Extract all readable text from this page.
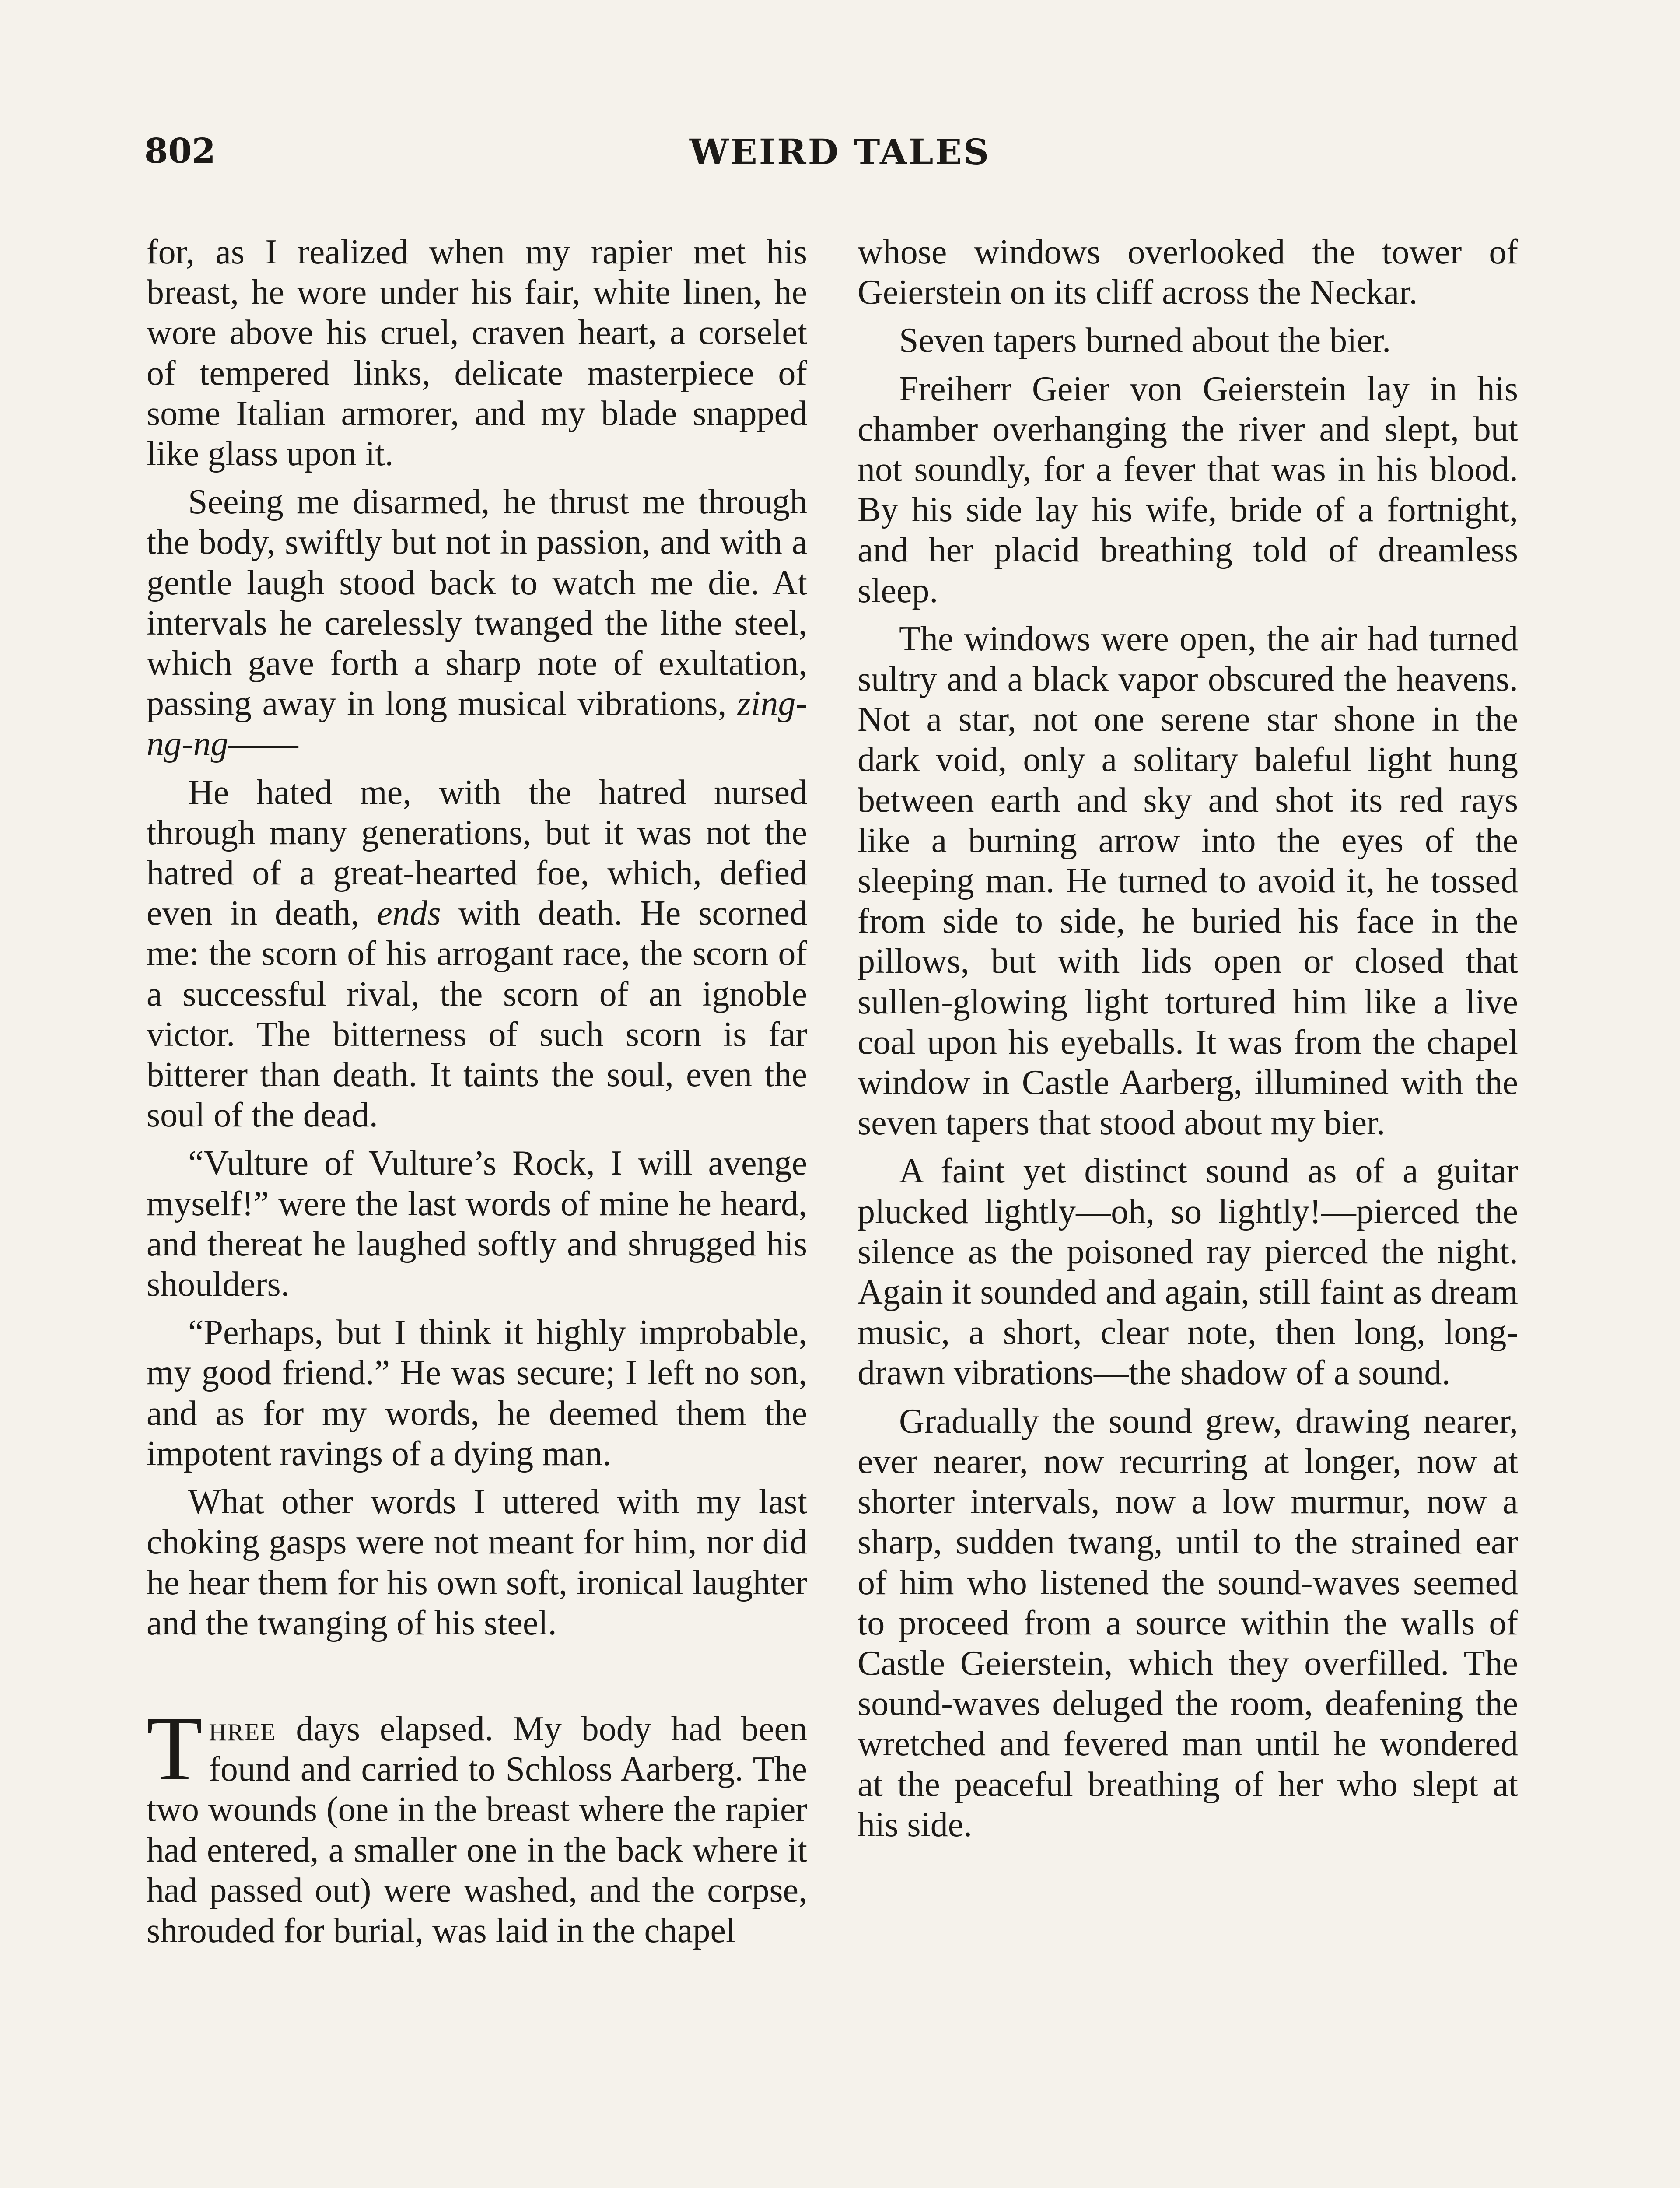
802	WEIRD TALES

for, as I realized when my rapier met his breast, he wore under his fair, white linen, he wore above his cruel, craven heart, a corselet of tempered links, delicate masterpiece of some Italian armorer, and my blade snapped like glass upon it.

Seeing me disarmed, he thrust me through the body, swiftly but not in passion, and with a gentle laugh stood back to watch me die. At intervals he carelessly twanged the lithe steel, which gave forth a sharp note of exultation, passing away in long musical vibrations, zing-ng-ng——

He hated me, with the hatred nursed through many generations, but it was not the hatred of a great-hearted foe, which, defied even in death, ends with death. He scorned me: the scorn of his arrogant race, the scorn of a successful rival, the scorn of an ignoble victor. The bitterness of such scorn is far bitterer than death. It taints the soul, even the soul of the dead.

“Vulture of Vulture’s Rock, I will avenge myself!” were the last words of mine he heard, and thereat he laughed softly and shrugged his shoulders.

“Perhaps, but I think it highly improbable, my good friend.” He was secure; I left no son, and as for my words, he deemed them the impotent ravings of a dying man.

What other words I uttered with my last choking gasps were not meant for him, nor did he hear them for his own soft, ironical laughter and the twanging of his steel.

Three days elapsed. My body had been found and carried to Schloss Aarberg. The two wounds (one in the breast where the rapier had entered, a smaller one in the back where it had passed out) were washed, and the corpse, shrouded for burial, was laid in the chapel

whose windows overlooked the tower of Geierstein on its cliff across the Neckar.

Seven tapers burned about the bier.

Freiherr Geier von Geierstein lay in his chamber overhanging the river and slept, but not soundly, for a fever that was in his blood. By his side lay his wife, bride of a fortnight, and her placid breathing told of dreamless sleep.

The windows were open, the air had turned sultry and a black vapor obscured the heavens. Not a star, not one serene star shone in the dark void, only a solitary baleful light hung between earth and sky and shot its red rays like a burning arrow into the eyes of the sleeping man. He turned to avoid it, he tossed from side to side, he buried his face in the pillows, but with lids open or closed that sullen-glowing light tortured him like a live coal upon his eyeballs. It was from the chapel window in Castle Aarberg, illumined with the seven tapers that stood about my bier.

A faint yet distinct sound as of a guitar plucked lightly—oh, so lightly!—pierced the silence as the poisoned ray pierced the night. Again it sounded and again, still faint as dream music, a short, clear note, then long, long-drawn vibrations—the shadow of a sound.

Gradually the sound grew, drawing nearer, ever nearer, now recurring at longer, now at shorter intervals, now a low murmur, now a sharp, sudden twang, until to the strained ear of him who listened the sound-waves seemed to proceed from a source within the walls of Castle Geierstein, which they overfilled. The sound-waves deluged the room, deafening the wretched and fevered man until he wondered at the peaceful breathing of her who slept at his side.
